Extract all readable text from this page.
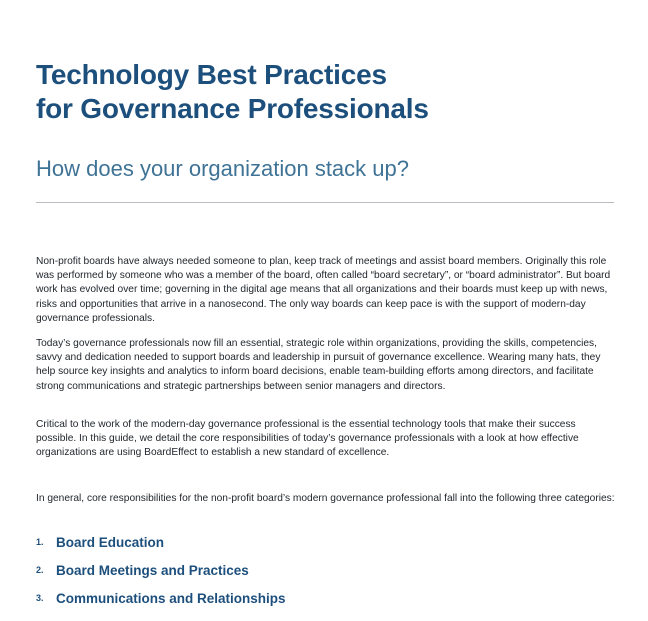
Technology Best Practices
for Governance Professionals
How does your organization stack up?

Non-profit boards have always needed someone to plan, keep track of meetings and assist board members. Originally this role was performed by someone who was a member of the board, often called “board secretary”, or “board administrator”. But board work has evolved over time; governing in the digital age means that all organizations and their boards must keep up with news, risks and opportunities that arrive in a nanosecond. The only way boards can keep pace is with the support of modern-day governance professionals.

Today’s governance professionals now fill an essential, strategic role within organizations, providing the skills, competencies, savvy and dedication needed to support boards and leadership in pursuit of governance excellence. Wearing many hats, they help source key insights and analytics to inform board decisions, enable team-building efforts among directors, and facilitate strong communications and strategic partnerships between senior managers and directors.

Critical to the work of the modern-day governance professional is the essential technology tools that make their success possible. In this guide, we detail the core responsibilities of today’s governance professionals with a look at how effective organizations are using BoardEffect to establish a new standard of excellence.

In general, core responsibilities for the non-profit board’s modern governance professional fall into the following three categories:

1. Board Education
2. Board Meetings and Practices
3. Communications and Relationships
